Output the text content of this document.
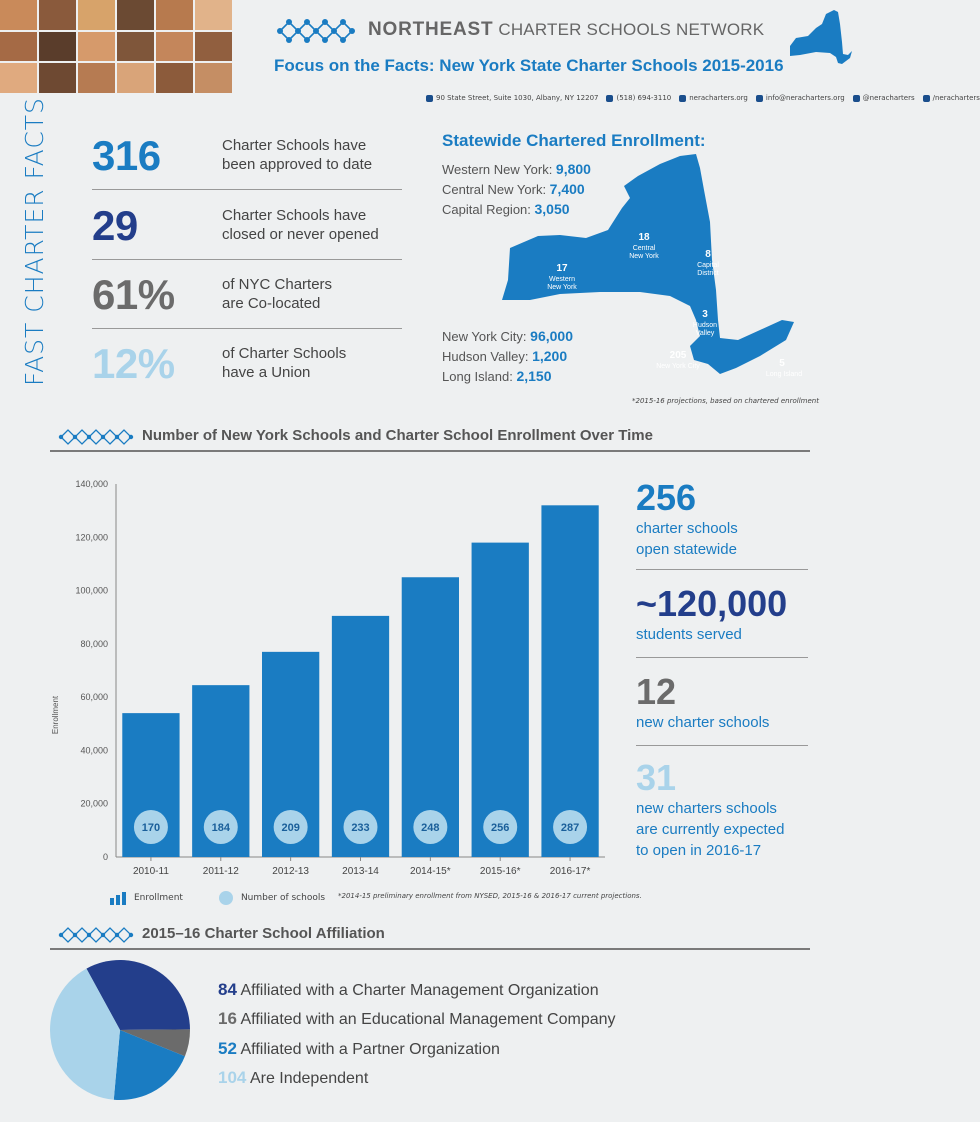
NORTHEAST CHARTER SCHOOLS NETWORK
Focus on the Facts: New York State Charter Schools 2015-2016
90 State Street, Suite 1030, Albany, NY 12207	(518) 694-3110	neracharters.org	info@neracharters.org	@neracharters	/neracharters
FAST CHARTER FACTS 316	Charter Schools have
been approved to date
29	Charter Schools have
closed or never opened
61%	of NYC Charters
are Co-located
12%	of Charter Schools
have a Union
Statewide Chartered Enrollment:
Western New York: 9,800
Central New York: 7,400
Capital Region: 3,050
18
Central
New York	8
Capital
District
17
Western
New York
3
Hudson
Valley
205
New York City	5
Long Island
New York City: 96,000
Hudson Valley: 1,200
Long Island: 2,150
*2015-16 projections, based on chartered enrollment
Number of New York Schools and Charter School Enrollment Over Time
Enrollment
0
20,000
40,000
60,000
80,000
100,000
120,000
140,000
170
2010-11
184
2011-12
209
2012-13
233
2013-14
248
2014-15*
256
2015-16*
287
2016-17*
Enrollment	Number of schools *2014-15 preliminary enrollment from NYSED, 2015-16 & 2016-17 current projections.
256
charter schools
open statewide
~120,000
students served
12
new charter schools
31
new charters schools
are currently expected
to open in 2016-17
2015–16 Charter School Affiliation
84 Affiliated with a Charter Management Organization
16 Affiliated with an Educational Management Company
52 Affiliated with a Partner Organization
104 Are Independent
